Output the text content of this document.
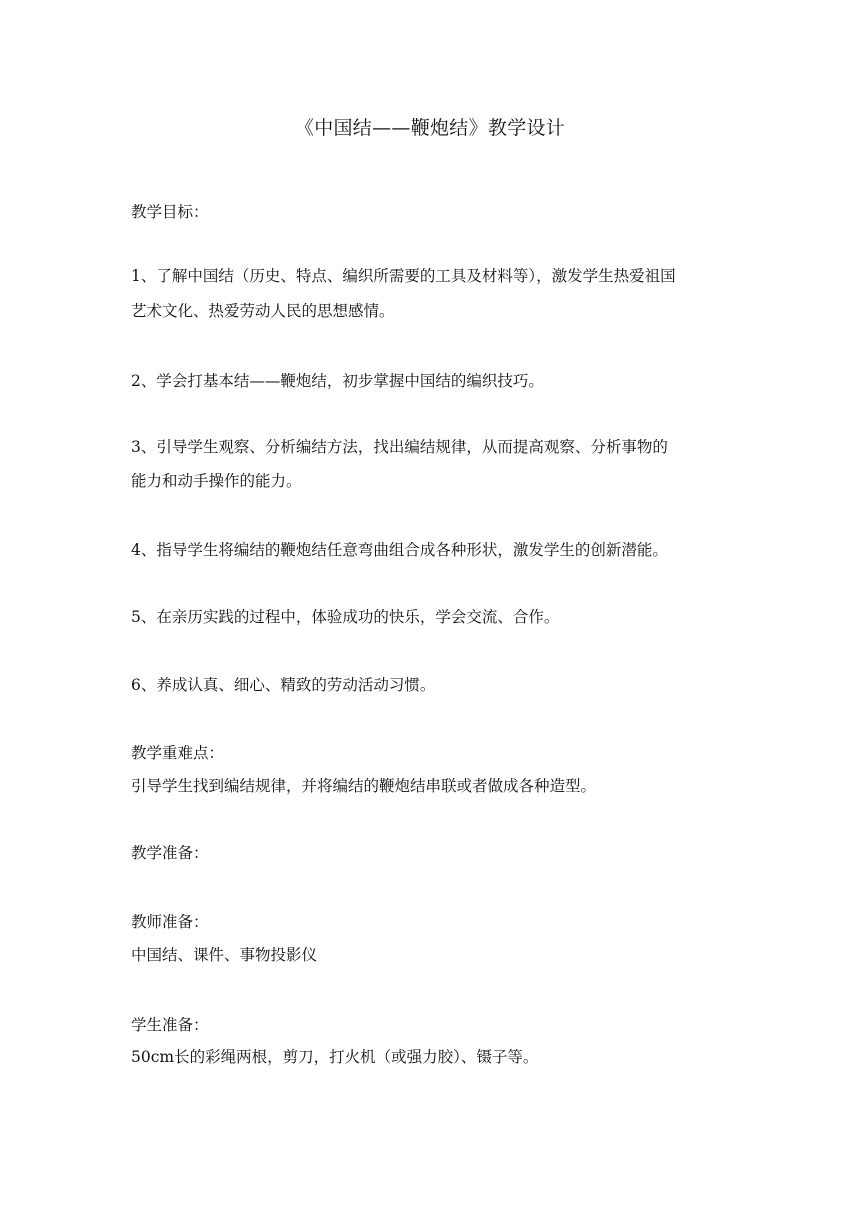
《中国结——鞭炮结》教学设计
教学目标：
1、了解中国结（历史、特点、编织所需要的工具及材料等），激发学生热爱祖国
艺术文化、热爱劳动人民的思想感情。
2、学会打基本结——鞭炮结，初步掌握中国结的编织技巧。
3、引导学生观察、分析编结方法，找出编结规律，从而提高观察、分析事物的
能力和动手操作的能力。
4、指导学生将编结的鞭炮结任意弯曲组合成各种形状，激发学生的创新潜能。
5、在亲历实践的过程中，体验成功的快乐，学会交流、合作。
6、养成认真、细心、精致的劳动活动习惯。
教学重难点：
引导学生找到编结规律，并将编结的鞭炮结串联或者做成各种造型。
教学准备：
教师准备：
中国结、课件、事物投影仪
学生准备：
50cm长的彩绳两根，剪刀，打火机（或强力胶）、镊子等。
